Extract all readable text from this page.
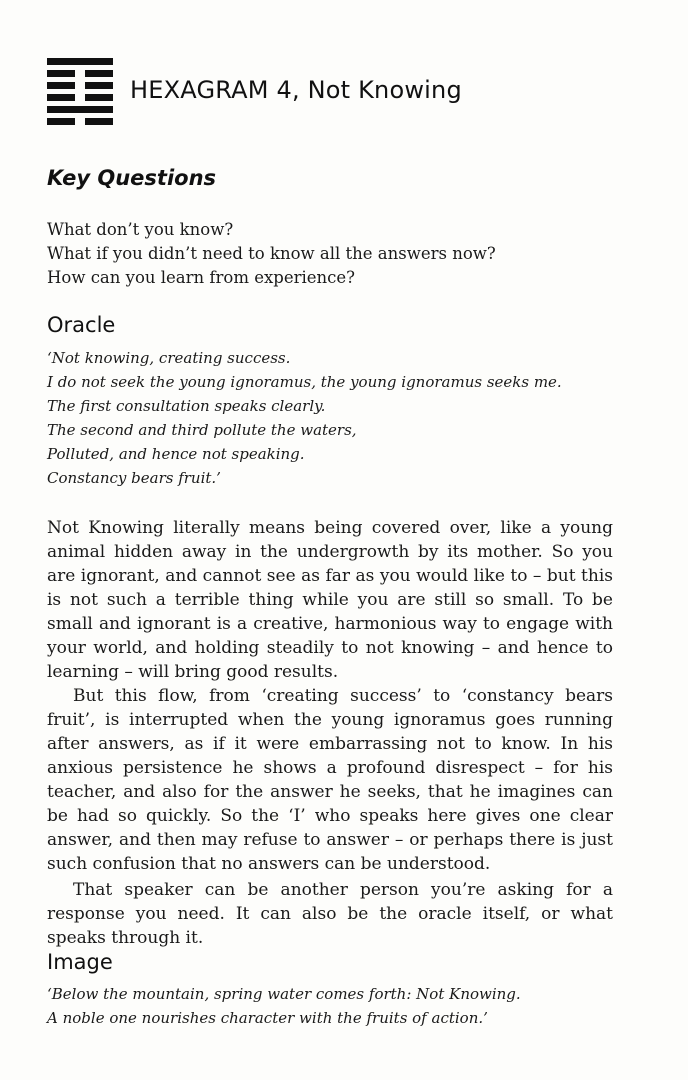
HEXAGRAM 4, Not Knowing
Key Questions
What don’t you know?
What if you didn’t need to know all the answers now?
How can you learn from experience?
Oracle
‘Not knowing, creating success.
I do not seek the young ignoramus, the young ignoramus seeks me.
The first consultation speaks clearly.
The second and third pollute the waters,
Polluted, and hence not speaking.
Constancy bears fruit.’

Not Knowing literally means being covered over, like a young animal hidden away in the undergrowth by its mother. So you are ignorant, and cannot see as far as you would like to – but this is not such a terrible thing while you are still so small. To be small and ignorant is a creative, harmonious way to engage with your world, and holding steadily to not knowing – and hence to learning – will bring good results.

But this flow, from ‘creating success’ to ‘constancy bears fruit’, is interrupted when the young ignoramus goes running after answers, as if it were embarrassing not to know. In his anxious persistence he shows a profound disrespect – for his teacher, and also for the answer he seeks, that he imagines can be had so quickly. So the ‘I’ who speaks here gives one clear answer, and then may refuse to answer – or perhaps there is just such confusion that no answers can be understood.

That speaker can be another person you’re asking for a response you need. It can also be the oracle itself, or what speaks through it.

Image
‘Below the mountain, spring water comes forth: Not Knowing.
A noble one nourishes character with the fruits of action.’
